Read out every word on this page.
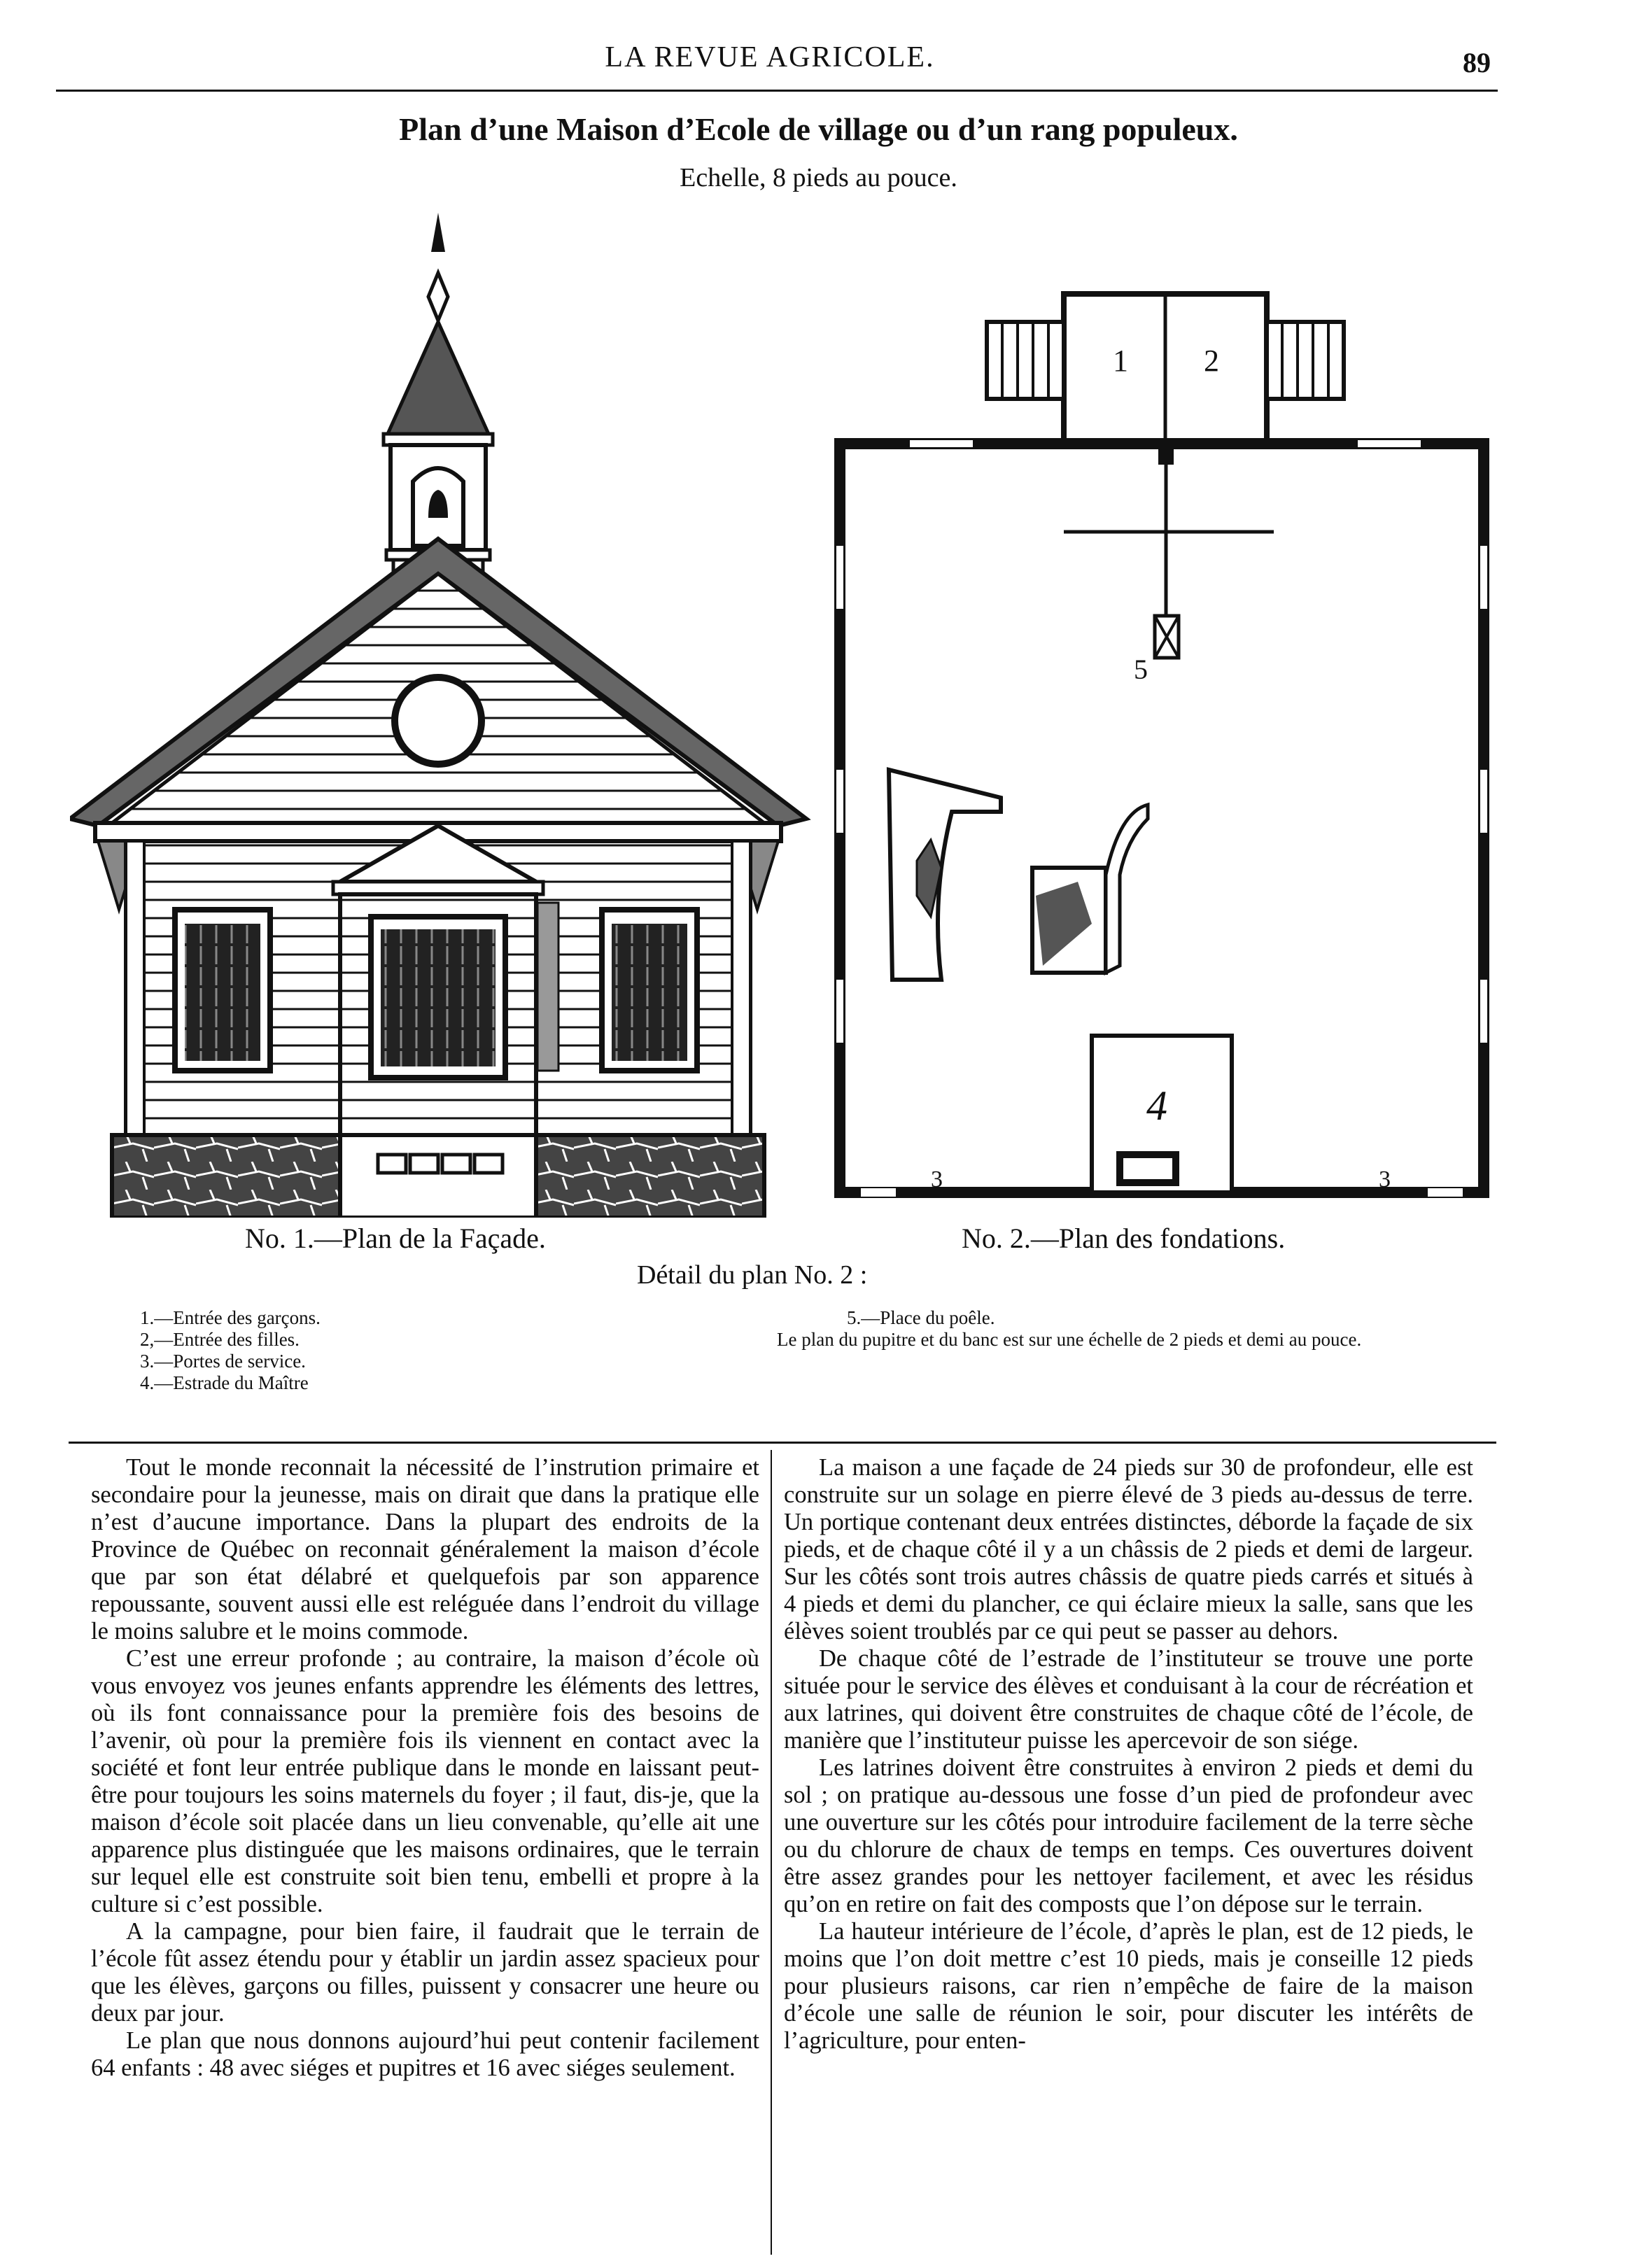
LA REVUE AGRICOLE.	89
Plan d’une Maison d’Ecole de village ou d’un rang populeux.
Echelle, 8 pieds au pouce.
1 2
5
4
3	3
No. 1.—Plan de la Façade.	No. 2.—Plan des fondations.
Détail du plan No. 2 :
1.—Entrée des garçons.
2,—Entrée des filles.
3.—Portes de service.
4.—Estrade du Maître
5.—Place du poêle.
Le plan du pupitre et du banc est sur une échelle de 2 pieds et demi au pouce.

Tout le monde reconnait la nécessité de l’instrution primaire et secondaire pour la jeunesse, mais on dirait que dans la pratique elle n’est d’aucune importance. Dans la plupart des endroits de la Province de Québec on reconnait généralement la maison d’école que par son état délabré et quelquefois par son apparence repoussante, souvent aussi elle est reléguée dans l’endroit du village le moins salubre et le moins commode.

C’est une erreur profonde ; au contraire, la maison d’école où vous envoyez vos jeunes enfants apprendre les éléments des lettres, où ils font connaissance pour la première fois des besoins de l’avenir, où pour la première fois ils viennent en contact avec la société et font leur entrée publique dans le monde en laissant peut-être pour toujours les soins maternels du foyer ; il faut, dis-je, que la maison d’école soit placée dans un lieu convenable, qu’elle ait une apparence plus distinguée que les maisons ordinaires, que le terrain sur lequel elle est construite soit bien tenu, embelli et propre à la culture si c’est possible.

A la campagne, pour bien faire, il faudrait que le terrain de l’école fût assez étendu pour y établir un jardin assez spacieux pour que les élèves, garçons ou filles, puissent y consacrer une heure ou deux par jour.

Le plan que nous donnons aujourd’hui peut contenir facilement 64 enfants : 48 avec siéges et pupitres et 16 avec siéges seulement.

La maison a une façade de 24 pieds sur 30 de profondeur, elle est construite sur un solage en pierre élevé de 3 pieds au-dessus de terre. Un portique contenant deux entrées distinctes, déborde la façade de six pieds, et de chaque côté il y a un châssis de 2 pieds et demi de largeur. Sur les côtés sont trois autres châssis de quatre pieds carrés et situés à 4 pieds et demi du plancher, ce qui éclaire mieux la salle, sans que les élèves soient troublés par ce qui peut se passer au dehors.

De chaque côté de l’estrade de l’instituteur se trouve une porte située pour le service des élèves et conduisant à la cour de récréation et aux latrines, qui doivent être construites de chaque côté de l’école, de manière que l’instituteur puisse les apercevoir de son siége.

Les latrines doivent être construites à environ 2 pieds et demi du sol ; on pratique au-dessous une fosse d’un pied de profondeur avec une ouverture sur les côtés pour introduire facilement de la terre sèche ou du chlorure de chaux de temps en temps. Ces ouvertures doivent être assez grandes pour les nettoyer facilement, et avec les résidus qu’on en retire on fait des composts que l’on dépose sur le terrain.

La hauteur intérieure de l’école, d’après le plan, est de 12 pieds, le moins que l’on doit mettre c’est 10 pieds, mais je conseille 12 pieds pour plusieurs raisons, car rien n’empêche de faire de la maison d’école une salle de réunion le soir, pour discuter les intérêts de l’agriculture, pour enten-
